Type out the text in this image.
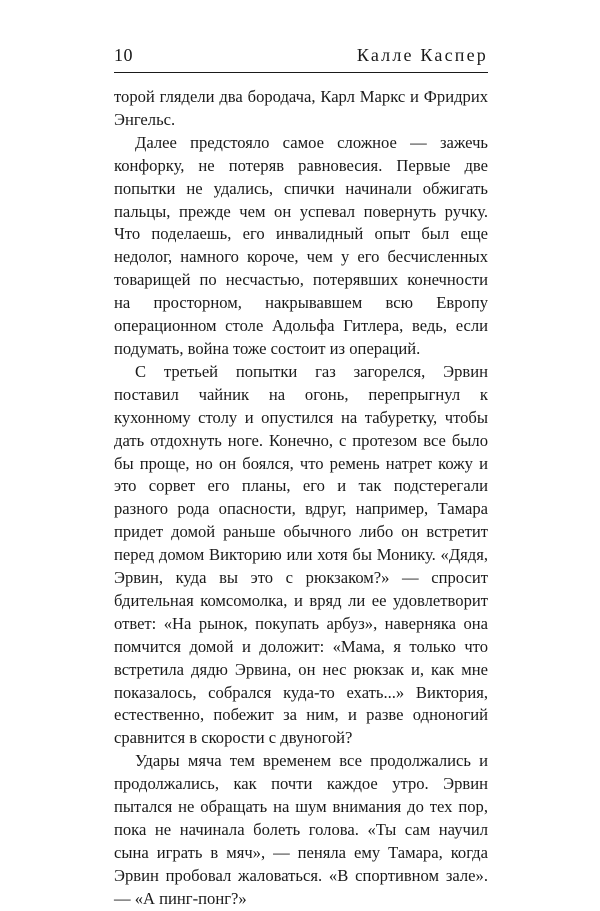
10	Калле Каспер

торой глядели два бородача, Карл Маркс и Фридрих Энгельс.

Далее предстояло самое сложное — зажечь конфорку, не потеряв равновесия. Первые две попытки не удались, спички начинали обжигать пальцы, прежде чем он успевал повернуть ручку. Что поделаешь, его инвалидный опыт был еще недолог, намного короче, чем у его бесчисленных товарищей по несчастью, потерявших конечности на просторном, накрывавшем всю Европу операционном столе Адольфа Гитлера, ведь, если подумать, война тоже состоит из операций.

С третьей попытки газ загорелся, Эрвин поставил чайник на огонь, перепрыгнул к кухонному столу и опустился на табуретку, чтобы дать отдохнуть ноге. Конечно, с протезом все было бы проще, но он боялся, что ремень натрет кожу и это сорвет его планы, его и так подстерегали разного рода опасности, вдруг, например, Тамара придет домой раньше обычного либо он встретит перед домом Викторию или хотя бы Монику. «Дядя, Эрвин, куда вы это с рюкзаком?» — спросит бдительная комсомолка, и вряд ли ее удовлетворит ответ: «На рынок, покупать арбуз», наверняка она помчится домой и доложит: «Мама, я только что встретила дядю Эрвина, он нес рюкзак и, как мне показалось, собрался куда-то ехать...» Виктория, естественно, побежит за ним, и разве одноногий сравнится в скорости с двуногой?

Удары мяча тем временем все продолжались и продолжались, как почти каждое утро. Эрвин пытался не обращать на шум внимания до тех пор, пока не начинала болеть голова. «Ты сам научил сына играть в мяч», — пеняла ему Тамара, когда Эрвин пробовал жаловаться. «В спортивном зале». — «А пинг-понг?»
